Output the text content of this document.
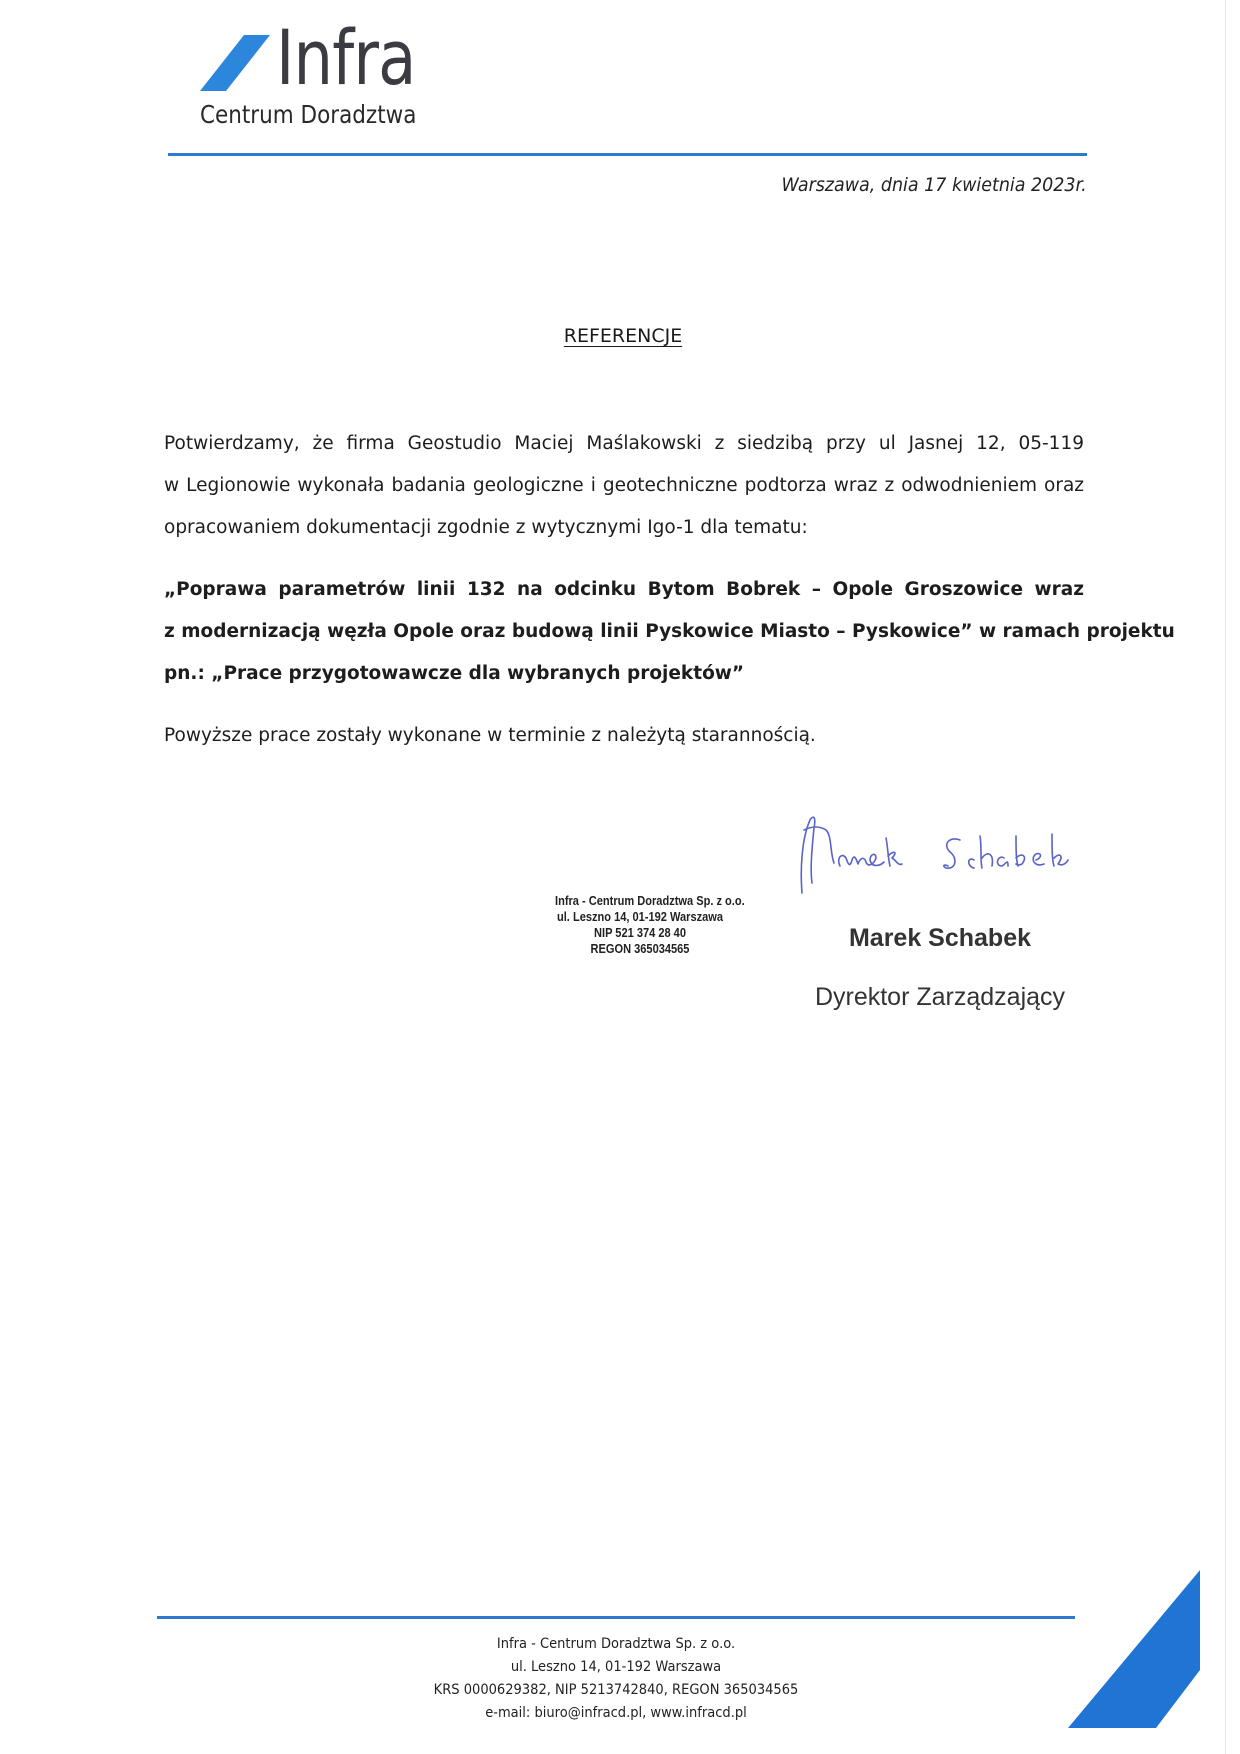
Infra
Centrum Doradztwa
Warszawa, dnia 17 kwietnia 2023r.
REFERENCJE
Potwierdzamy, że firma Geostudio Maciej Maślakowski z siedzibą przy ul Jasnej 12, 05-119
w Legionowie wykonała badania geologiczne i geotechniczne podtorza wraz z odwodnieniem oraz
opracowaniem dokumentacji zgodnie z wytycznymi Igo-1 dla tematu:
„Poprawa parametrów linii 132 na odcinku Bytom Bobrek – Opole Groszowice wraz
z modernizacją węzła Opole oraz budową linii Pyskowice Miasto – Pyskowice” w ramach projektu
pn.: „Prace przygotowawcze dla wybranych projektów”
Powyższe prace zostały wykonane w terminie z należytą starannością.
Infra - Centrum Doradztwa Sp. z o.o.
ul. Leszno 14, 01-192 Warszawa
NIP 521 374 28 40
REGON 365034565	Marek Schabek
Dyrektor Zarządzający
Infra - Centrum Doradztwa Sp. z o.o.
ul. Leszno 14, 01-192 Warszawa
KRS 0000629382, NIP 5213742840, REGON 365034565
e-mail: biuro@infracd.pl, www.infracd.pl
